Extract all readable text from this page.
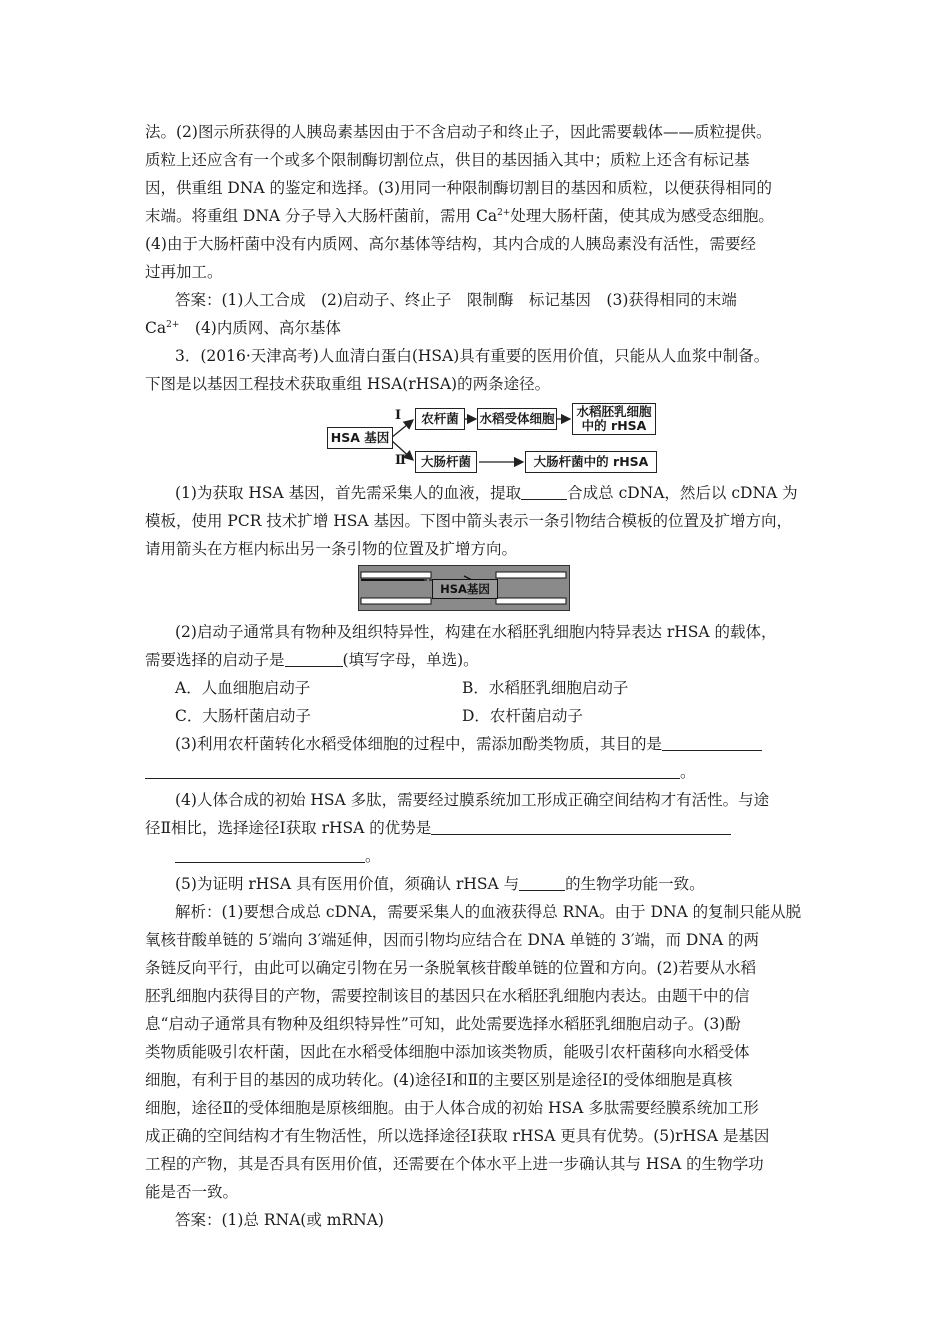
法。(2)图示所获得的人胰岛素基因由于不含启动子和终止子，因此需要载体——质粒提供。
质粒上还应含有一个或多个限制酶切割位点，供目的基因插入其中；质粒上还含有标记基
因，供重组 DNA 的鉴定和选择。(3)用同一种限制酶切割目的基因和质粒，以便获得相同的
末端。将重组 DNA 分子导入大肠杆菌前，需用 $Ca^{2+}$处理大肠杆菌，使其成为感受态细胞。
(4)由于大肠杆菌中没有内质网、高尔基体等结构，其内合成的人胰岛素没有活性，需要经
过再加工。
答案：(1)人工合成　(2)启动子、终止子　限制酶　标记基因　(3)获得相同的末端
$Ca^{2+}$　(4)内质网、高尔基体
3．(2016·天津高考)人血清白蛋白(HSA)具有重要的医用价值，只能从人血浆中制备。
下图是以基因工程技术获取重组 HSA(rHSA)的两条途径。
HSA 基因
Ⅰ
Ⅱ
农杆菌	水稻受体细胞 水稻胚乳细胞
中的 rHSA
大肠杆菌	大肠杆菌中的 rHSA
(1)为获取 HSA 基因，首先需采集人的血液，提取	合成总 cDNA，然后以 cDNA 为
模板，使用 PCR 技术扩增 HSA 基因。下图中箭头表示一条引物结合模板的位置及扩增方向，
请用箭头在方框内标出另一条引物的位置及扩增方向。
HSA基因
(2)启动子通常具有物种及组织特异性，构建在水稻胚乳细胞内特异表达 rHSA 的载体，
需要选择的启动子是	(填写字母，单选)。
A．人血细胞启动子	B．水稻胚乳细胞启动子
C．大肠杆菌启动子	D．农杆菌启动子
(3)利用农杆菌转化水稻受体细胞的过程中，需添加酚类物质，其目的是
。
(4)人体合成的初始 HSA 多肽，需要经过膜系统加工形成正确空间结构才有活性。与途
径Ⅱ相比，选择途径Ⅰ获取 rHSA 的优势是
。
(5)为证明 rHSA 具有医用价值，须确认 rHSA 与	的生物学功能一致。
解析：(1)要想合成总 cDNA，需要采集人的血液获得总 RNA。由于 DNA 的复制只能从脱
氧核苷酸单链的 5′端向 3′端延伸，因而引物均应结合在 DNA 单链的 3′端，而 DNA 的两
条链反向平行，由此可以确定引物在另一条脱氧核苷酸单链的位置和方向。(2)若要从水稻
胚乳细胞内获得目的产物，需要控制该目的基因只在水稻胚乳细胞内表达。由题干中的信
息“启动子通常具有物种及组织特异性”可知，此处需要选择水稻胚乳细胞启动子。(3)酚
类物质能吸引农杆菌，因此在水稻受体细胞中添加该类物质，能吸引农杆菌移向水稻受体
细胞，有利于目的基因的成功转化。(4)途径Ⅰ和Ⅱ的主要区别是途径Ⅰ的受体细胞是真核
细胞，途径Ⅱ的受体细胞是原核细胞。由于人体合成的初始 HSA 多肽需要经膜系统加工形
成正确的空间结构才有生物活性，所以选择途径Ⅰ获取 rHSA 更具有优势。(5)rHSA 是基因
工程的产物，其是否具有医用价值，还需要在个体水平上进一步确认其与 HSA 的生物学功
能是否一致。
答案：(1)总 RNA(或 mRNA)
